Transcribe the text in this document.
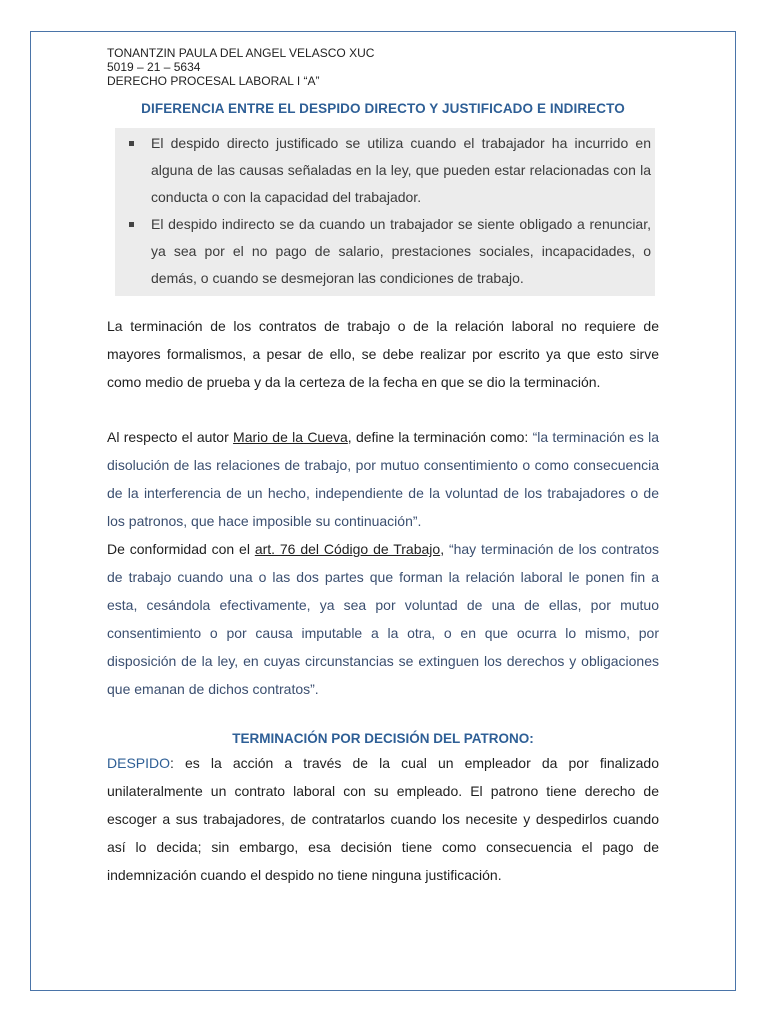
TONANTZIN PAULA DEL ANGEL VELASCO XUC

5019 – 21 – 5634

DERECHO PROCESAL LABORAL I “A”

DIFERENCIA ENTRE EL DESPIDO DIRECTO Y JUSTIFICADO E INDIRECTO
El despido directo justificado se utiliza cuando el trabajador ha incurrido en alguna de las causas señaladas en la ley, que pueden estar relacionadas con la conducta o con la capacidad del trabajador.
El despido indirecto se da cuando un trabajador se siente obligado a renunciar, ya sea por el no pago de salario, prestaciones sociales, incapacidades, o demás, o cuando se desmejoran las condiciones de trabajo.

La terminación de los contratos de trabajo o de la relación laboral no requiere de mayores formalismos, a pesar de ello, se debe realizar por escrito ya que esto sirve como medio de prueba y da la certeza de la fecha en que se dio la terminación.

Al respecto el autor Mario de la Cueva, define la terminación como: “la terminación es la disolución de las relaciones de trabajo, por mutuo consentimiento o como consecuencia de la interferencia de un hecho, independiente de la voluntad de los trabajadores o de los patronos, que hace imposible su continuación”.

De conformidad con el art. 76 del Código de Trabajo, “hay terminación de los contratos de trabajo cuando una o las dos partes que forman la relación laboral le ponen fin a esta, cesándola efectivamente, ya sea por voluntad de una de ellas, por mutuo consentimiento o por causa imputable a la otra, o en que ocurra lo mismo, por disposición de la ley, en cuyas circunstancias se extinguen los derechos y obligaciones que emanan de dichos contratos”.

TERMINACIÓN POR DECISIÓN DEL PATRONO:

DESPIDO: es la acción a través de la cual un empleador da por finalizado unilateralmente un contrato laboral con su empleado. El patrono tiene derecho de escoger a sus trabajadores, de contratarlos cuando los necesite y despedirlos cuando así lo decida; sin embargo, esa decisión tiene como consecuencia el pago de indemnización cuando el despido no tiene ninguna justificación.
